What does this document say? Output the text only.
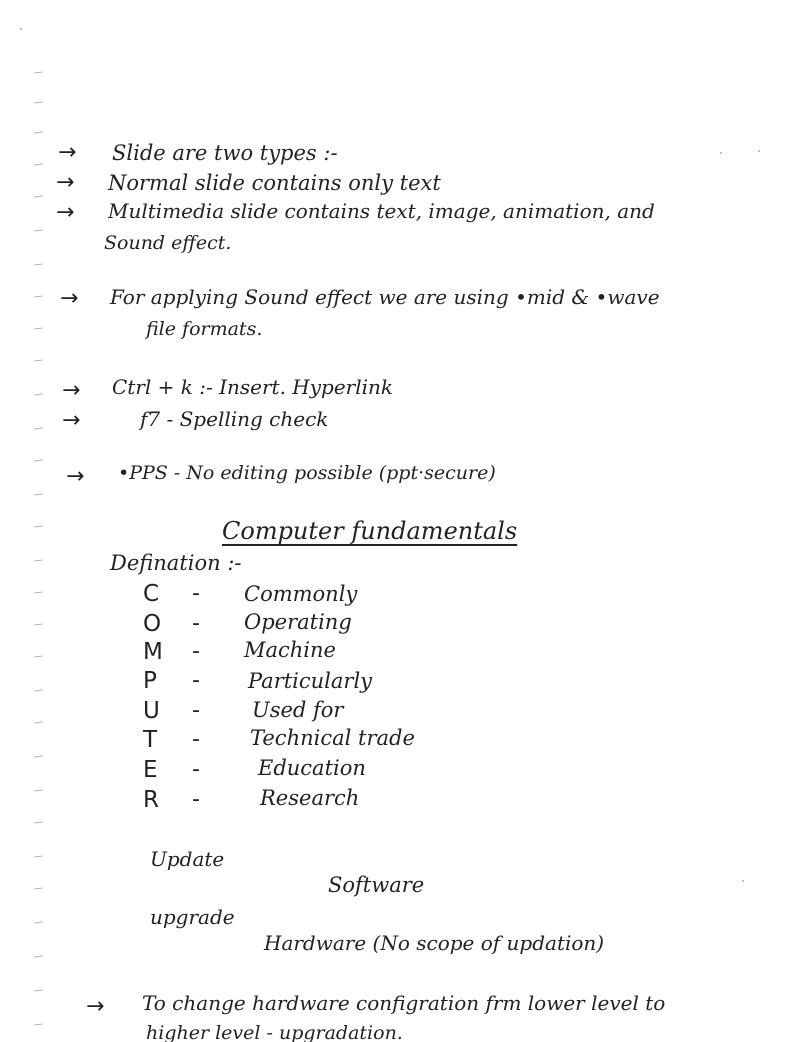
→ Slide are two types :-
→ Normal slide contains only text
→ Multimedia slide contains text, image, animation, and
Sound effect.
→ For applying Sound effect we are using •mid & •wave
file formats.
→ Ctrl + k :- Insert. Hyperlink
→	f7 - Spelling check
→ •PPS - No editing possible (ppt·secure)
Computer fundamentals
Defination :-
C	- Commonly
O - Operating
M - Machine
P	- Particularly
U	- Used for
T	- Technical trade
E	-	Education
R	-	Research
Update
Software
upgrade
Hardware (No scope of updation)
→ To change hardware configration frm lower level to
higher level - upgradation.
